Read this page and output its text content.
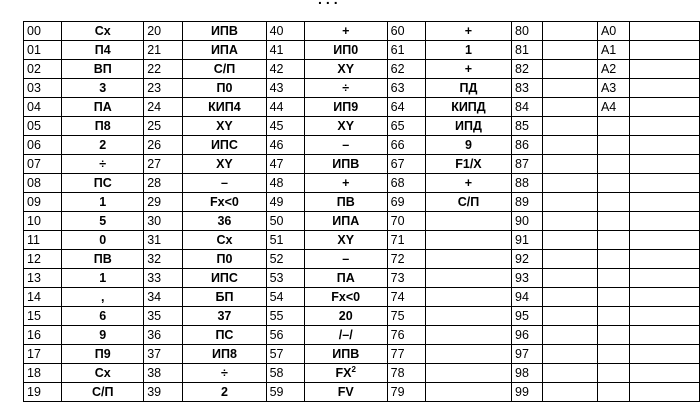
00	Cx	20	ИПВ	40	+	60	+	80		A0	
01	П4	21	ИПА	41	ИП0	61	1	81		A1	
02	ВП	22	С/П	42	XY	62	+	82		A2	
03	3	23	П0	43	÷	63	ПД	83		A3	
04	ПА	24	КИП4	44	ИП9	64	КИПД	84		A4	
05	П8	25	XY	45	XY	65	ИПД	85			
06	2	26	ИПС	46	–	66	9	86			
07	÷	27	XY	47	ИПВ	67	F1/X	87			
08	ПС	28	–	48	+	68	+	88			
09	1	29	Fx<0	49	ПВ	69	С/П	89			
10	5	30	36	50	ИПА	70		90			
11	0	31	Cx	51	XY	71		91			
12	ПВ	32	П0	52	–	72		92			
13	1	33	ИПС	53	ПА	73		93			
14	,	34	БП	54	Fx<0	74		94			
15	6	35	37	55	20	75		95			
16	9	36	ПС	56	/–/	76		96			
17	П9	37	ИП8	57	ИПВ	77		97			
18	Cx	38	÷	58	$FX^2$	78		98			
19	С/П	39	2	59	FV	79		99			
